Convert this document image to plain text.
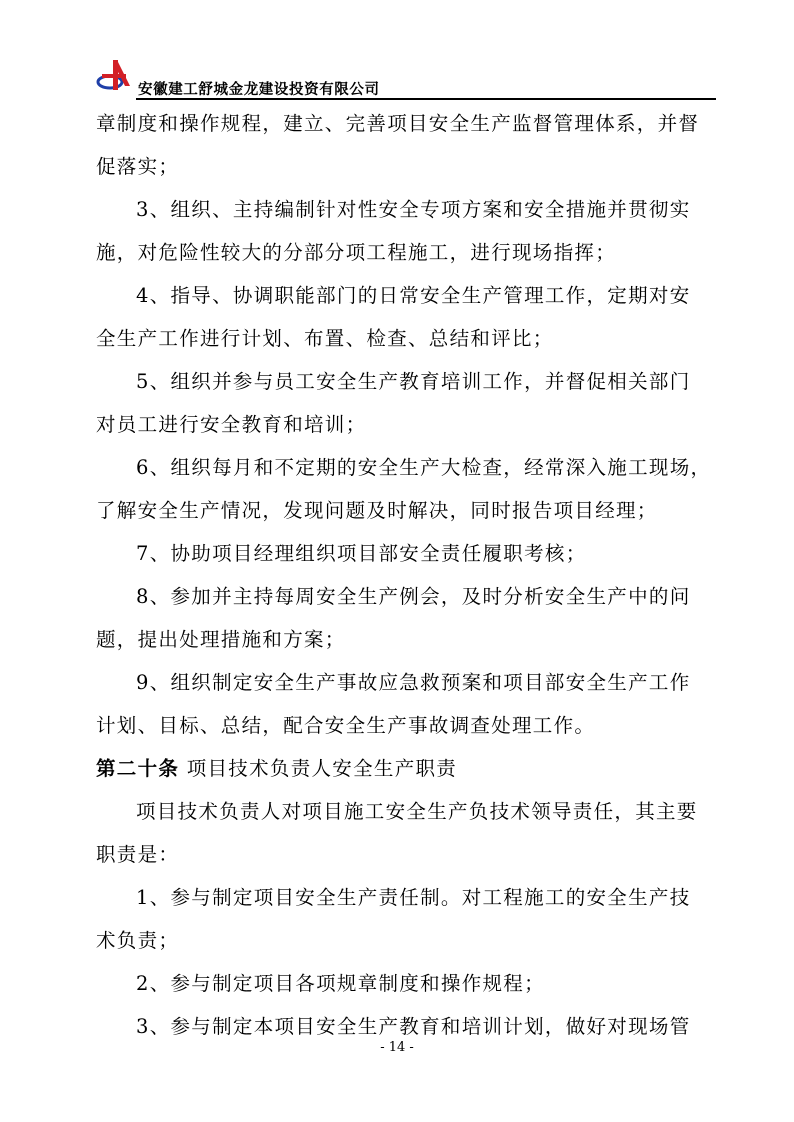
安徽建工舒城金龙建设投资有限公司
章制度和操作规程，建立、完善项目安全生产监督管理体系，并督
促落实；
3、组织、主持编制针对性安全专项方案和安全措施并贯彻实
施，对危险性较大的分部分项工程施工，进行现场指挥；
4、指导、协调职能部门的日常安全生产管理工作，定期对安
全生产工作进行计划、布置、检查、总结和评比；
5、组织并参与员工安全生产教育培训工作，并督促相关部门
对员工进行安全教育和培训；
6、组织每月和不定期的安全生产大检查，经常深入施工现场，
了解安全生产情况，发现问题及时解决，同时报告项目经理；
7、协助项目经理组织项目部安全责任履职考核；
8、参加并主持每周安全生产例会，及时分析安全生产中的问
题，提出处理措施和方案；
9、组织制定安全生产事故应急救预案和项目部安全生产工作
计划、目标、总结，配合安全生产事故调查处理工作。
第二十条 项目技术负责人安全生产职责
项目技术负责人对项目施工安全生产负技术领导责任，其主要
职责是：
1、参与制定项目安全生产责任制。对工程施工的安全生产技
术负责；
2、参与制定项目各项规章制度和操作规程；
3、参与制定本项目安全生产教育和培训计划，做好对现场管
- 14 -
